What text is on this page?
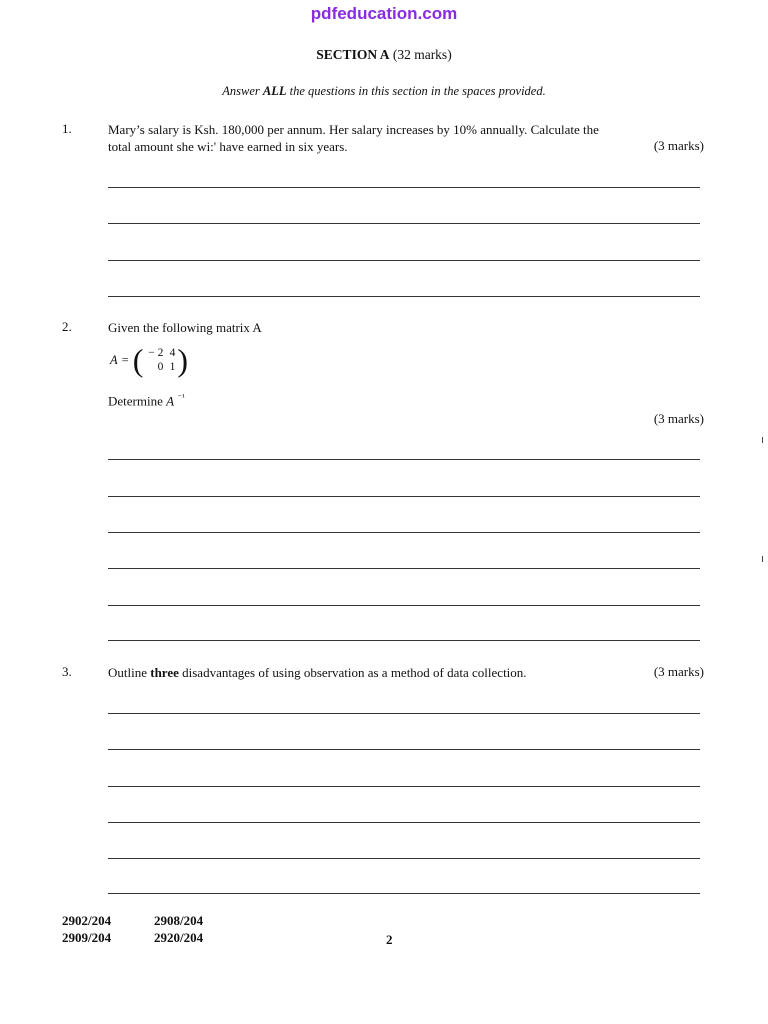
pdfeducation.com
SECTION A (32 marks)
Answer ALL the questions in this section in the spaces provided.
1.	Mary’s salary is Ksh. 180,000 per annum. Her salary increases by 10% annually. Calculate the
total amount she wi:' have earned in six years.	(3 marks)
2.	Given the following matrix A
A = ( − 2 4
0 1 )
Determine A $^{^{-1}}$
(3 marks)
3.	Outline three disadvantages of using observation as a method of data collection.	(3 marks)
2902/204	2908/204
2909/204	2920/204	2
